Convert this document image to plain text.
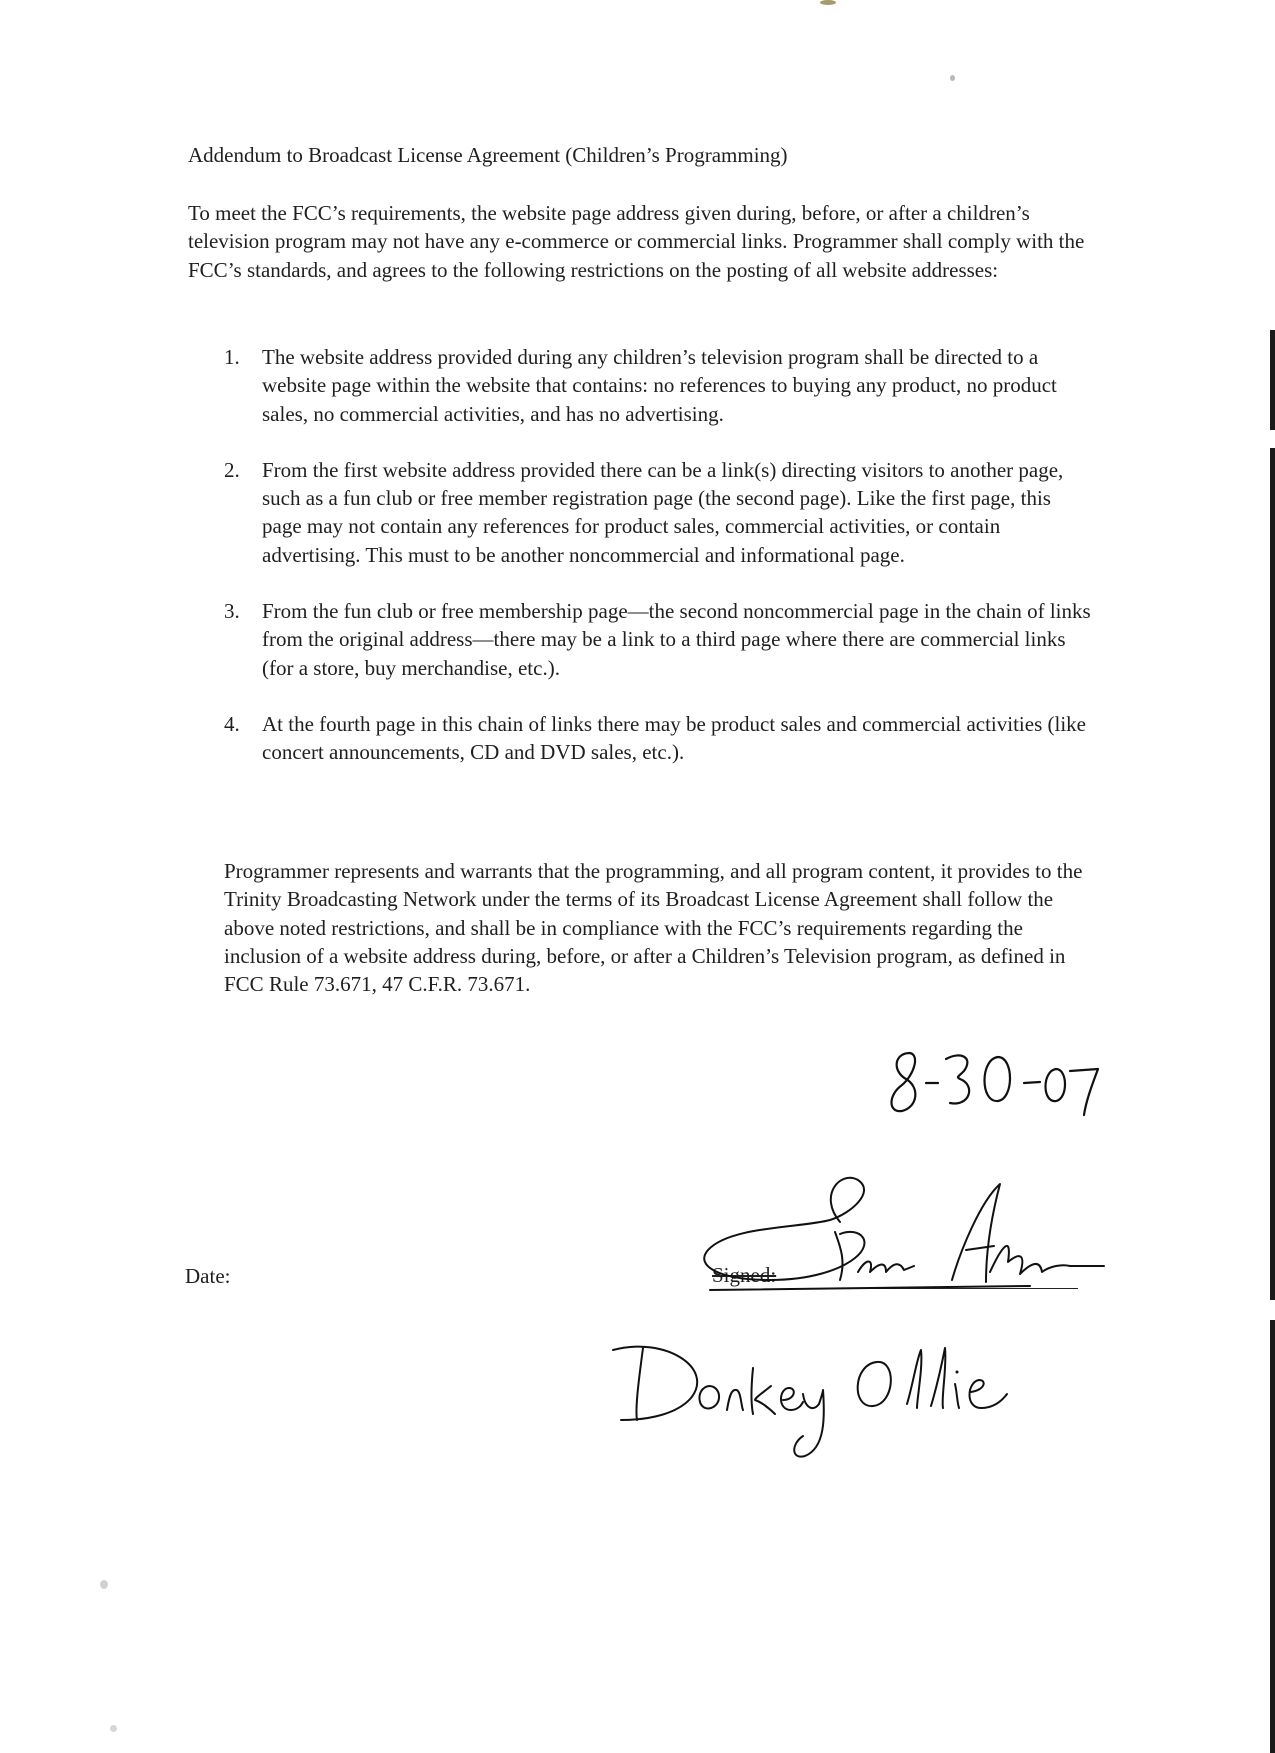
Addendum to Broadcast License Agreement (Children’s Programming)

To meet the FCC’s requirements, the website page address given during, before, or after a children’s television program may not have any e-commerce or commercial links. Programmer shall comply with the FCC’s standards, and agrees to the following restrictions on the posting of all website addresses:

1. The website address provided during any children’s television program shall be directed to a website page within the website that contains: no references to buying any product, no product sales, no commercial activities, and has no advertising.
2. From the first website address provided there can be a link(s) directing visitors to another page, such as a fun club or free member registration page (the second page). Like the first page, this page may not contain any references for product sales, commercial activities, or contain advertising. This must to be another noncommercial and informational page.
3. From the fun club or free membership page—the second noncommercial page in the chain of links from the original address—there may be a link to a third page where there are commercial links (for a store, buy merchandise, etc.).
4. At the fourth page in this chain of links there may be product sales and commercial activities (like concert announcements, CD and DVD sales, etc.).

Programmer represents and warrants that the programming, and all program content, it provides to the Trinity Broadcasting Network under the terms of its Broadcast License Agreement shall follow the above noted restrictions, and shall be in compliance with the FCC’s requirements regarding the inclusion of a website address during, before, or after a Children’s Television program, as defined in FCC Rule 73.671, 47 C.F.R. 73.671.

Date:	Signed:
